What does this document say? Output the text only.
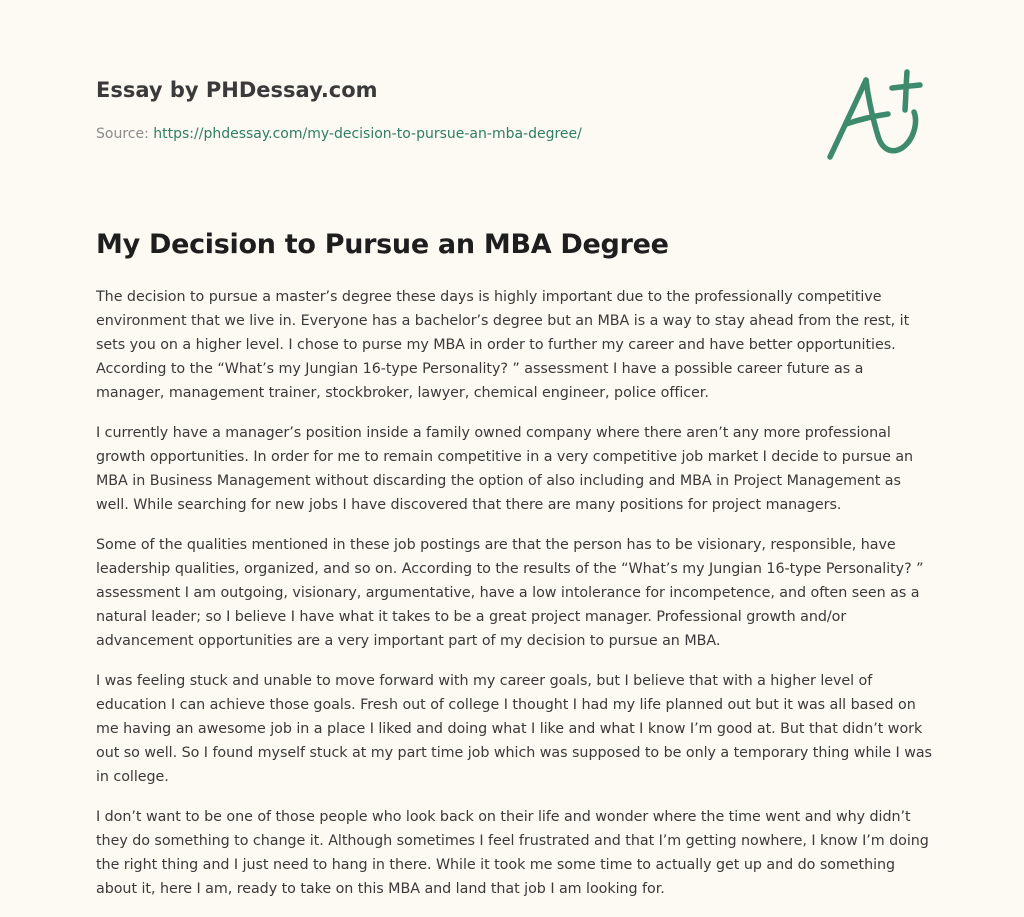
Essay by PHDessay.com
Source: https://phdessay.com/my-decision-to-pursue-an-mba-degree/
My Decision to Pursue an MBA Degree

The decision to pursue a master’s degree these days is highly important due to the professionally competitive environment that we live in. Everyone has a bachelor’s degree but an MBA is a way to stay ahead from the rest, it sets you on a higher level. I chose to purse my MBA in order to further my career and have better opportunities. According to the “What’s my Jungian 16-type Personality? ” assessment I have a possible career future as a manager, management trainer, stockbroker, lawyer, chemical engineer, police officer.

I currently have a manager’s position inside a family owned company where there aren’t any more professional growth opportunities. In order for me to remain competitive in a very competitive job market I decide to pursue an MBA in Business Management without discarding the option of also including and MBA in Project Management as well. While searching for new jobs I have discovered that there are many positions for project managers.

Some of the qualities mentioned in these job postings are that the person has to be visionary, responsible, have leadership qualities, organized, and so on. According to the results of the “What’s my Jungian 16-type Personality? ” assessment I am outgoing, visionary, argumentative, have a low intolerance for incompetence, and often seen as a natural leader; so I believe I have what it takes to be a great project manager. Professional growth and/or advancement opportunities are a very important part of my decision to pursue an MBA.

I was feeling stuck and unable to move forward with my career goals, but I believe that with a higher level of education I can achieve those goals. Fresh out of college I thought I had my life planned out but it was all based on me having an awesome job in a place I liked and doing what I like and what I know I’m good at. But that didn’t work out so well. So I found myself stuck at my part time job which was supposed to be only a temporary thing while I was in college.

I don’t want to be one of those people who look back on their life and wonder where the time went and why didn’t they do something to change it. Although sometimes I feel frustrated and that I’m getting nowhere, I know I’m doing the right thing and I just need to hang in there. While it took me some time to actually get up and do something about it, here I am, ready to take on this MBA and land that job I am looking for.
